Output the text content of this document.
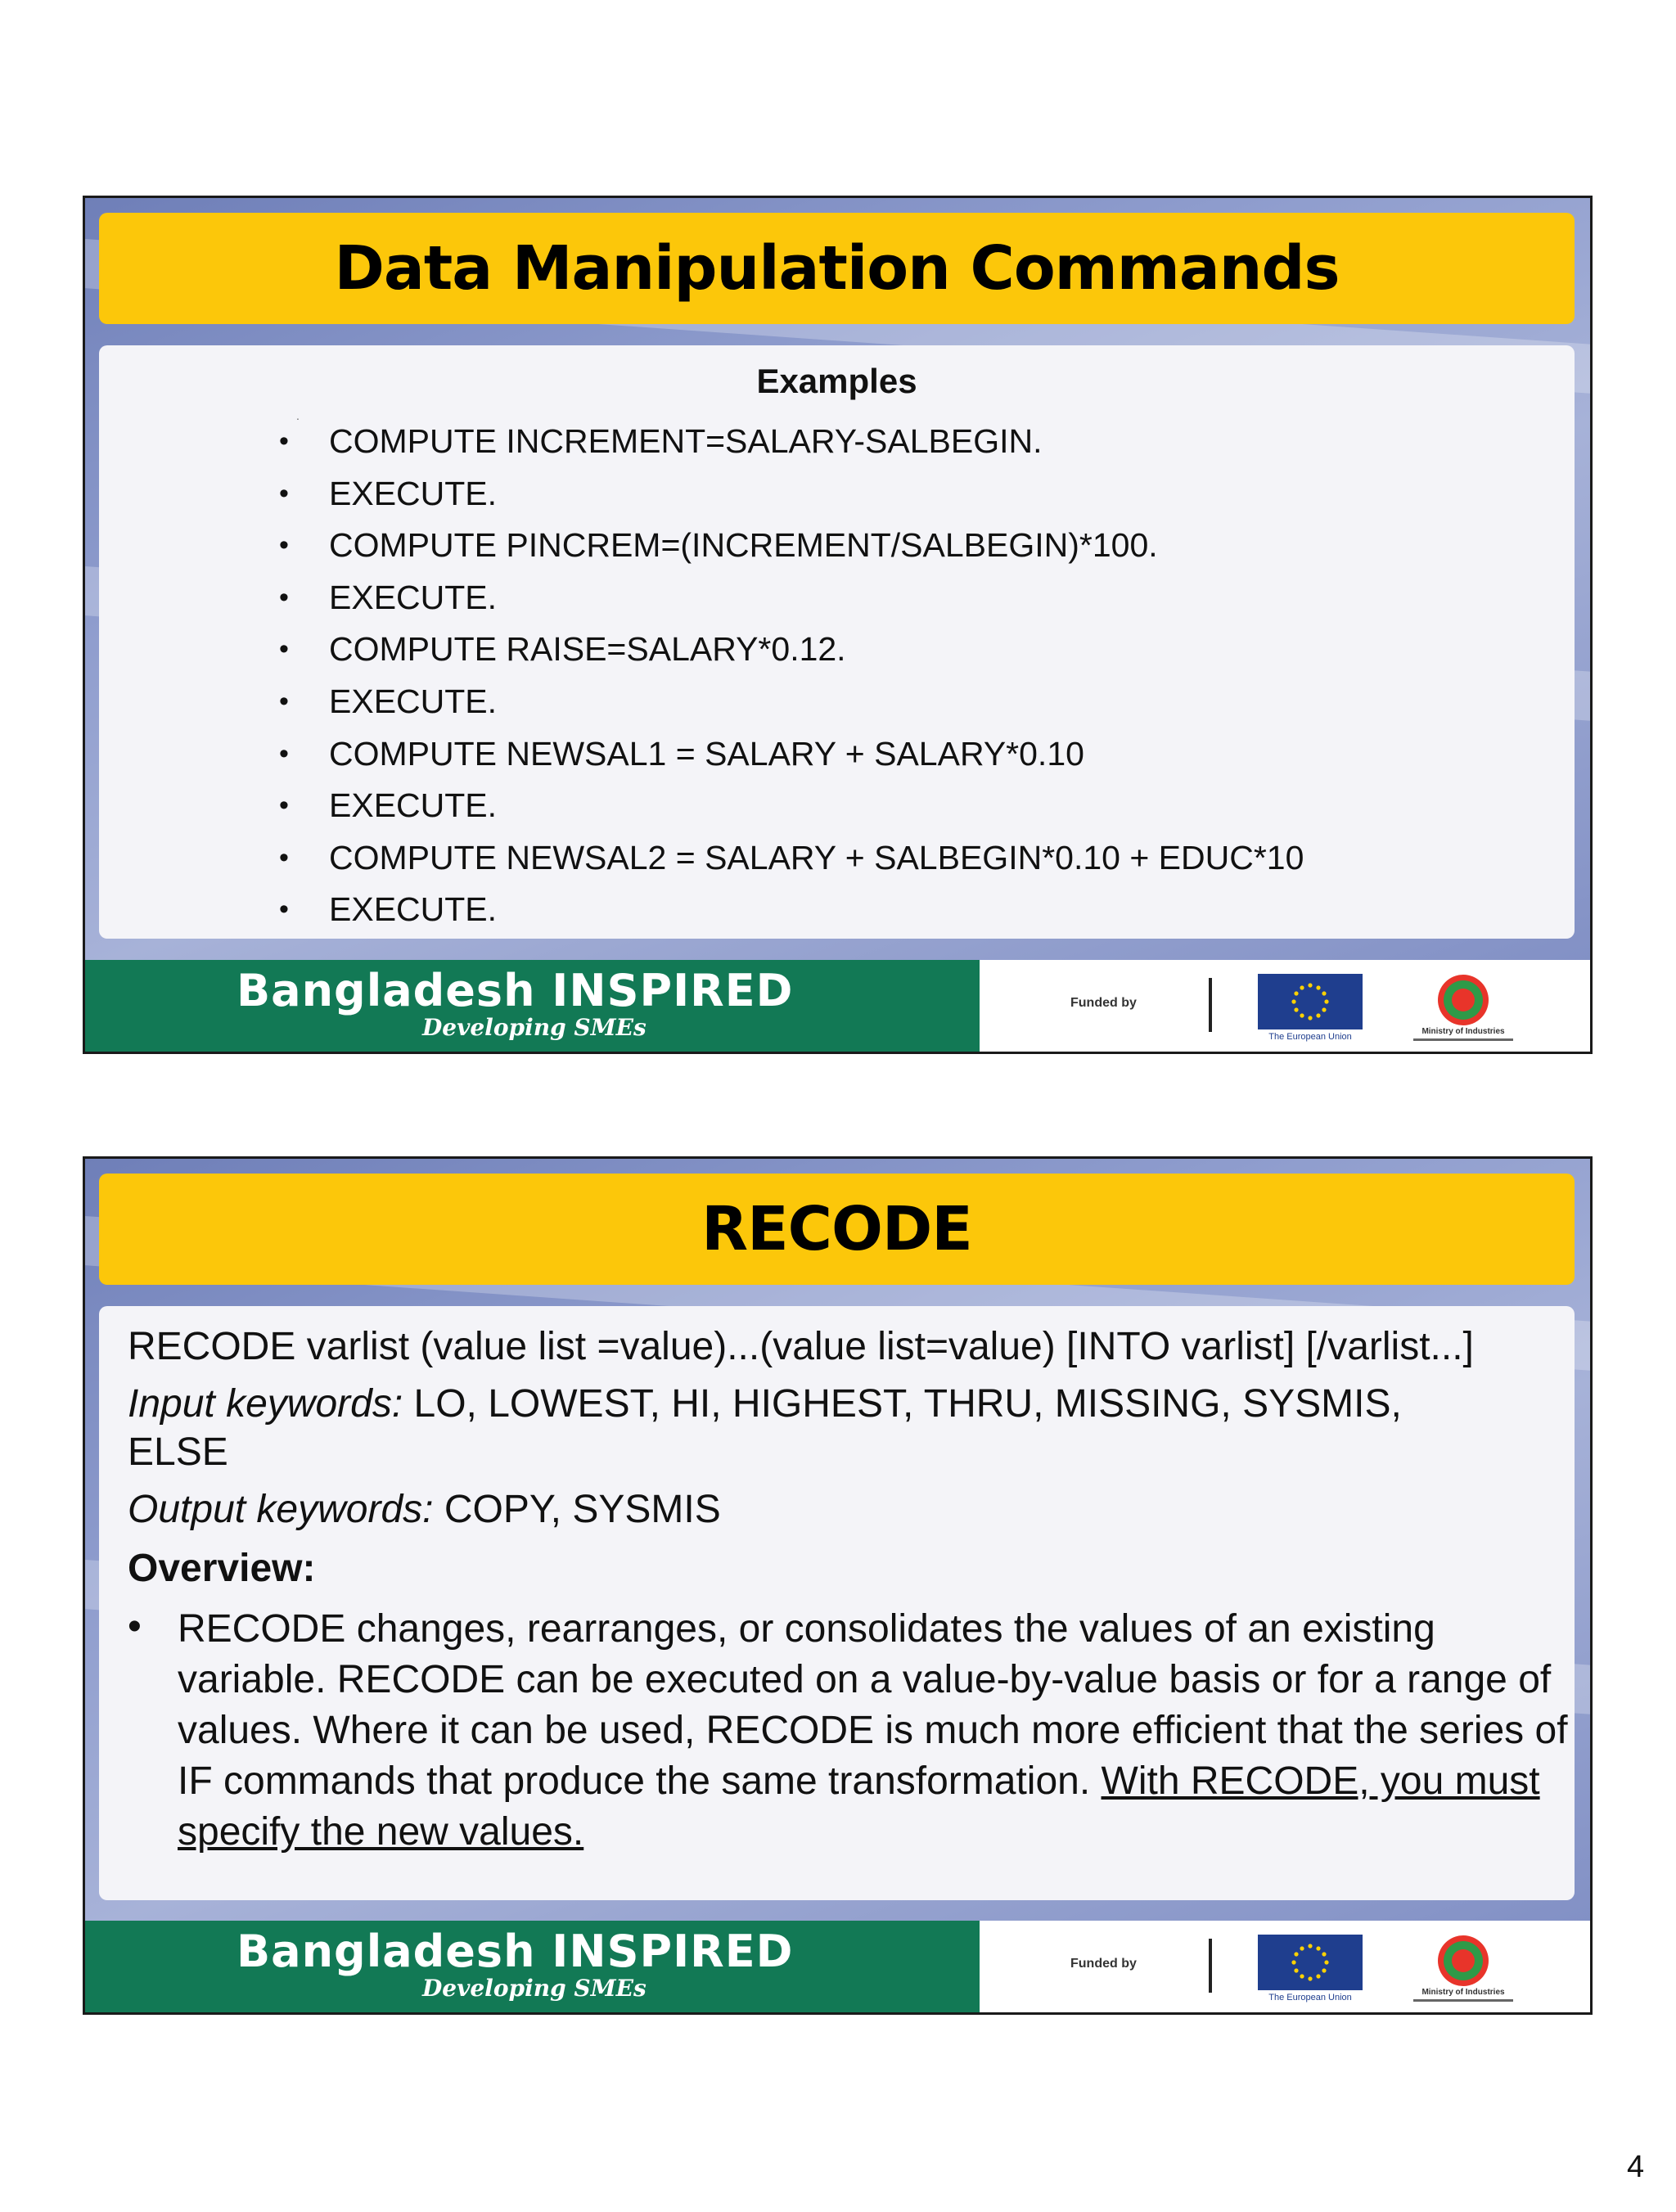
Data Manipulation Commands
Examples
.
• COMPUTE INCREMENT=SALARY-SALBEGIN.
• EXECUTE.
• COMPUTE PINCREM=(INCREMENT/SALBEGIN)*100.
• EXECUTE.
• COMPUTE RAISE=SALARY*0.12.
• EXECUTE.
• COMPUTE NEWSAL1 = SALARY + SALARY*0.10
• EXECUTE.
• COMPUTE NEWSAL2 = SALARY + SALBEGIN*0.10 + EDUC*10
• EXECUTE.
Bangladesh INSPIRED
Developing SMEs
Funded by
The European Union
Ministry of Industries
RECODE
RECODE varlist (value list =value)...(value list=value) [INTO varlist] [/varlist...]
Input keywords: LO, LOWEST, HI, HIGHEST, THRU, MISSING, SYSMIS,
ELSE
Output keywords: COPY, SYSMIS
Overview:
• RECODE changes, rearranges, or consolidates the values of an existing variable. RECODE can be executed on a value-by-value basis or for a range of values. Where it can be used, RECODE is much more efficient that the series of IF commands that produce the same transformation. With RECODE, you must specify the new values.
Bangladesh INSPIRED
Developing SMEs
Funded by
The European Union
Ministry of Industries
4
